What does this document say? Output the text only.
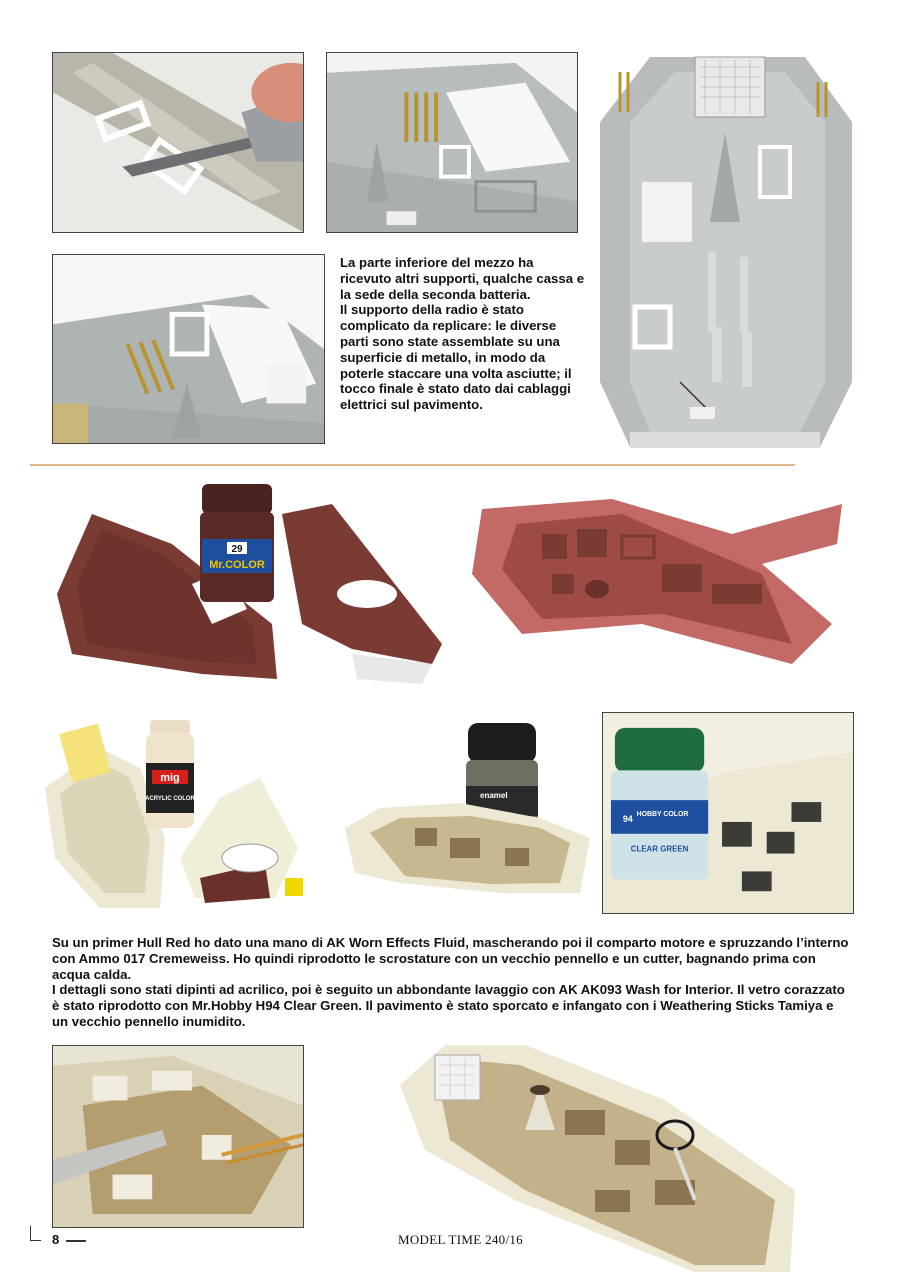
La parte inferiore del mezzo ha ricevuto altri supporti, qualche cassa e la sede della seconda batteria.

Il supporto della radio è stato complicato da replicare: le diverse parti sono state assemblate su una superficie di metallo, in modo da poterle staccare una volta asciutte; il tocco finale è stato dato dai cablaggi elettrici sul pavimento.

29
Mr.COLOR
mig
ACRYLIC COLOR	enamel
94 HOBBY COLOR
CLEAR GREEN

Su un primer Hull Red ho dato una mano di AK Worn Effects Fluid, mascherando poi il comparto motore e spruzzando l’interno con Ammo 017 Cremeweiss. Ho quindi riprodotto le scrostature con un vecchio pennello e un cutter, bagnando prima con acqua calda.

I dettagli sono stati dipinti ad acrilico, poi è seguito un abbondante lavaggio con AK AK093 Wash for Interior. Il vetro corazzato è stato riprodotto con Mr.Hobby H94 Clear Green. Il pavimento è stato sporcato e infangato con i Weathering Sticks Tamiya e un vecchio pennello inumidito.

8	MODEL TIME 240/16
